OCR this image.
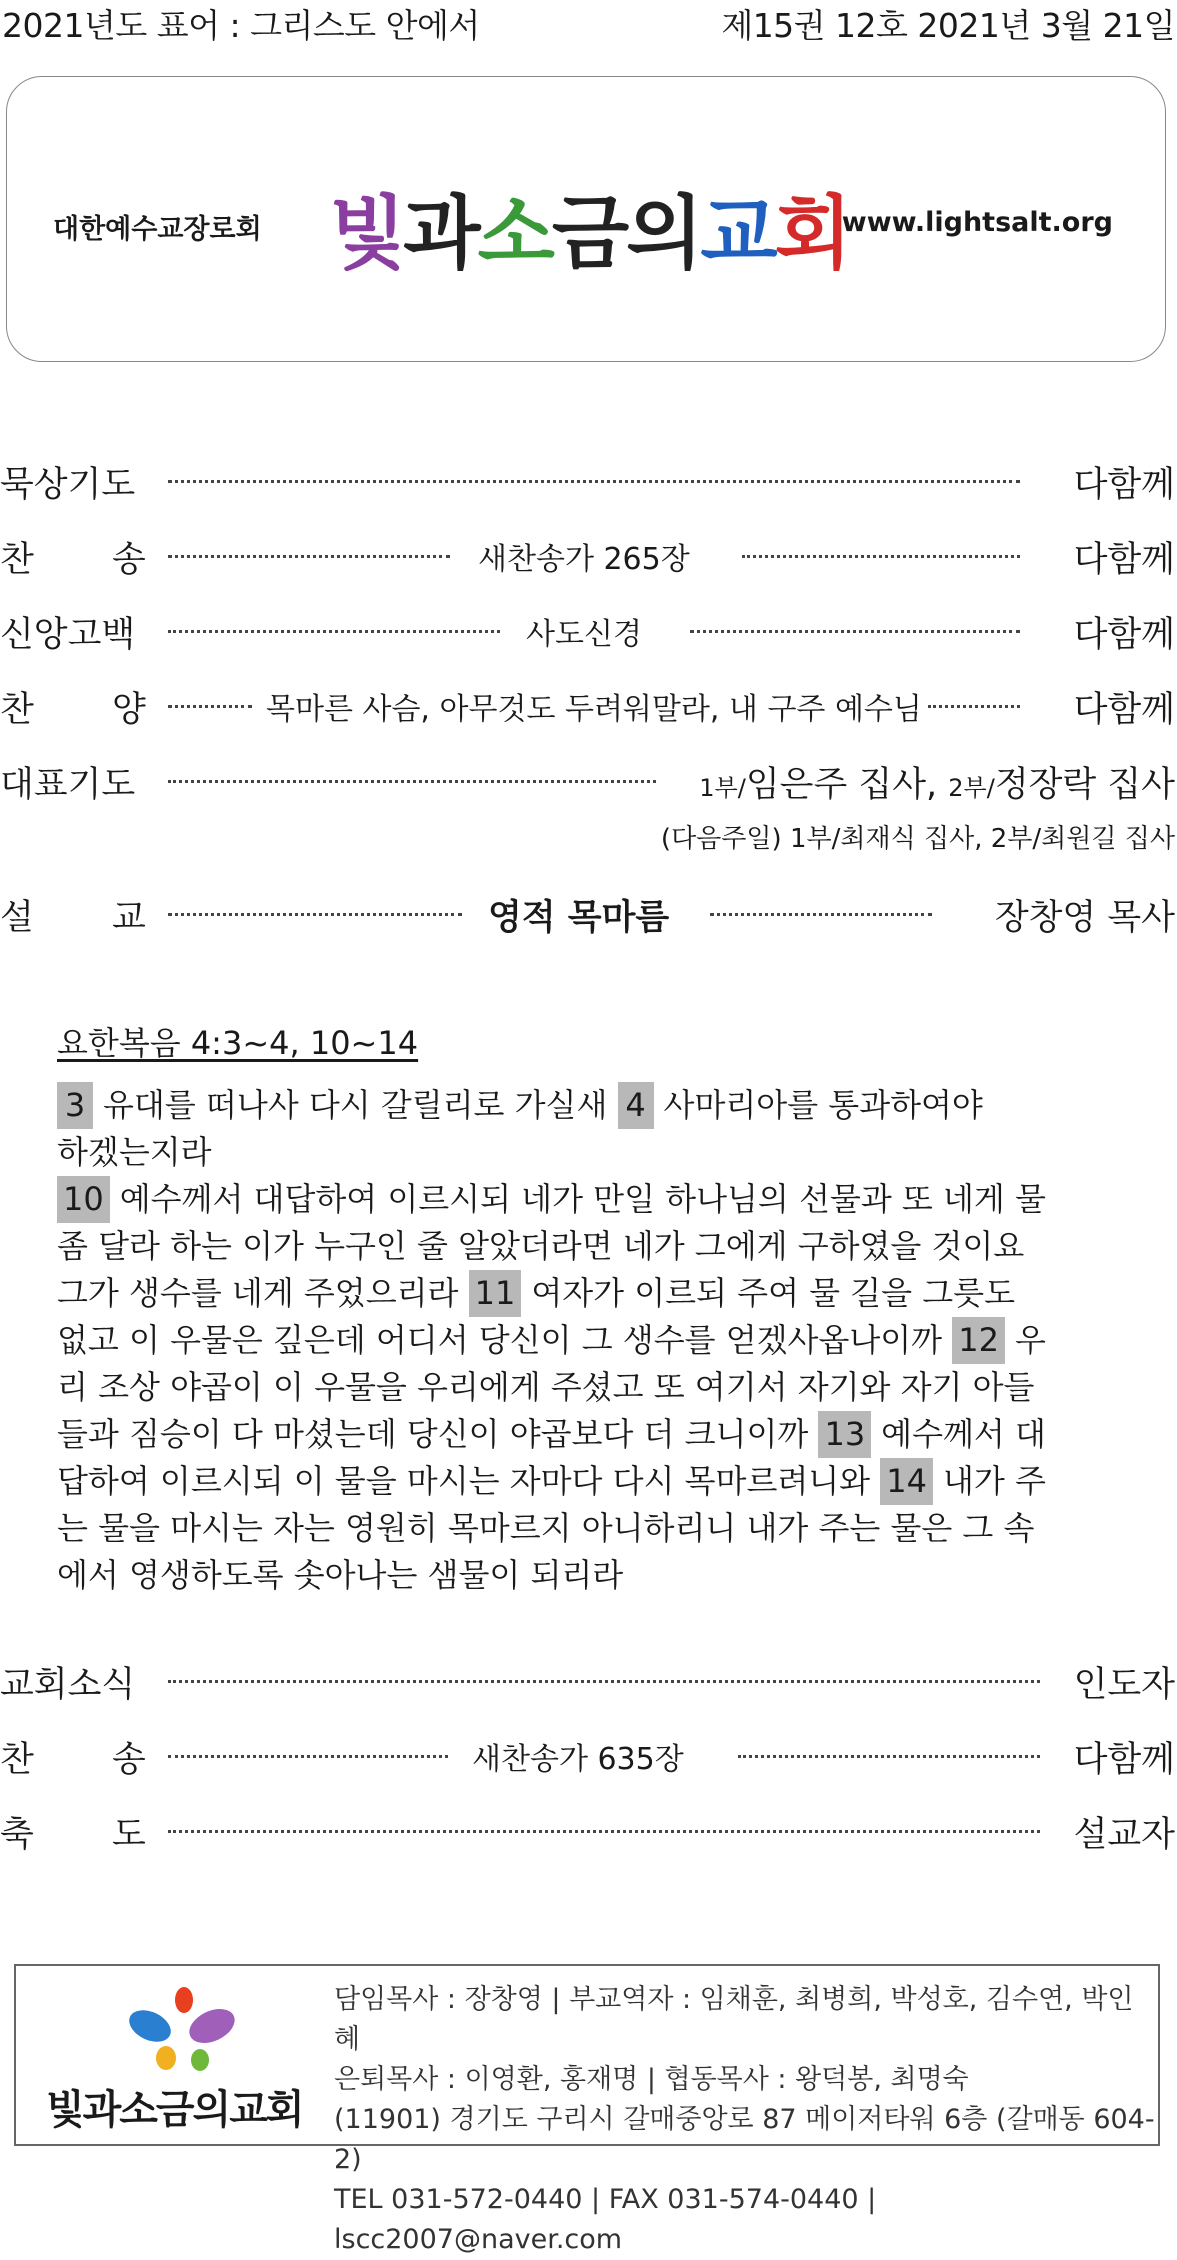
2021년도 표어 : 그리스도 안에서	제15권 12호 2021년 3월 21일
대한예수교장로회 빛과소금의교회
www.lightsalt.org
묵상기도	다함께
찬 송	새찬송가 265장	다함께
신앙고백	사도신경	다함께
찬 양	목마른 사슴, 아무것도 두려워말라, 내 구주 예수님	다함께
대표기도	1부/임은주 집사, 2부/정장락 집사
(다음주일) 1부/최재식 집사, 2부/최원길 집사
설 교	영적 목마름	장창영 목사
요한복음 4:3~4, 10~14
3 유대를 떠나사 다시 갈릴리로 가실새 4 사마리아를 통과하여야
하겠는지라
10 예수께서 대답하여 이르시되 네가 만일 하나님의 선물과 또 네게 물
좀 달라 하는 이가 누구인 줄 알았더라면 네가 그에게 구하였을 것이요
그가 생수를 네게 주었으리라 11 여자가 이르되 주여 물 길을 그릇도
없고 이 우물은 깊은데 어디서 당신이 그 생수를 얻겠사옵나이까 12 우
리 조상 야곱이 이 우물을 우리에게 주셨고 또 여기서 자기와 자기 아들
들과 짐승이 다 마셨는데 당신이 야곱보다 더 크니이까 13 예수께서 대
답하여 이르시되 이 물을 마시는 자마다 다시 목마르려니와 14 내가 주
는 물을 마시는 자는 영원히 목마르지 아니하리니 내가 주는 물은 그 속
에서 영생하도록 솟아나는 샘물이 되리라
교회소식	인도자
찬 송	새찬송가 635장	다함께
축 도	설교자
빛과소금의교회
담임목사 : 장창영 | 부교역자 : 임채훈, 최병희, 박성호, 김수연, 박인혜
은퇴목사 : 이영환, 홍재명 | 협동목사 : 왕덕봉, 최명숙
(11901) 경기도 구리시 갈매중앙로 87 메이저타워 6층 (갈매동 604-2)
TEL 031-572-0440 | FAX 031-574-0440 | lscc2007@naver.com
